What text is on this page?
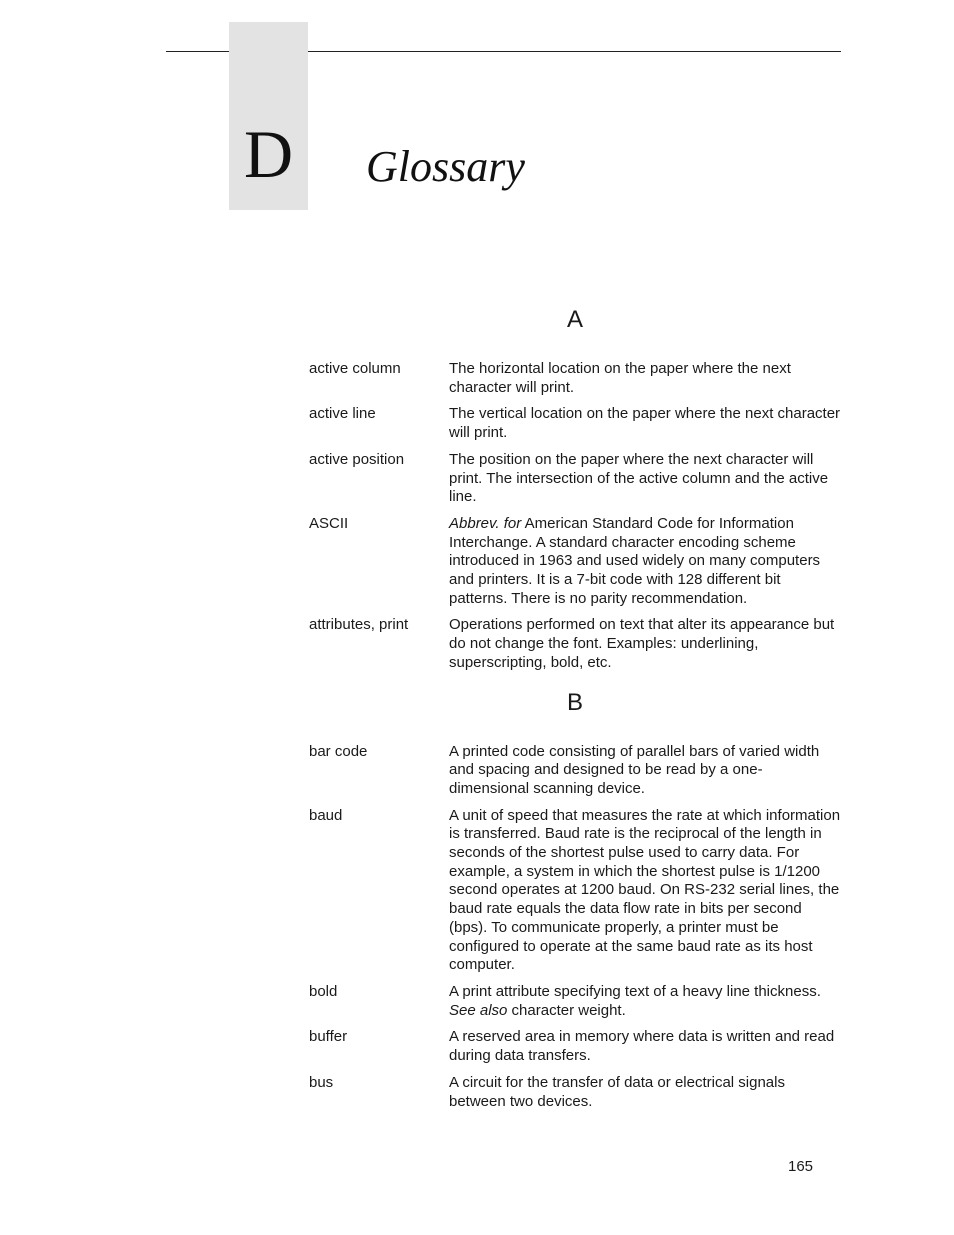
D	Glossary
A
active column	The horizontal location on the paper where the next character will print.
active line	The vertical location on the paper where the next character will print.
active position	The position on the paper where the next character will print. The intersection of the active column and the active line.
ASCII	Abbrev. for American Standard Code for Information Interchange. A standard character encoding scheme introduced in 1963 and used widely on many computers and printers. It is a 7-bit code with 128 different bit patterns. There is no parity recommendation.
attributes, print	Operations performed on text that alter its appearance but do not change the font. Examples: underlining, superscripting, bold, etc.
B
bar code	A printed code consisting of parallel bars of varied width and spacing and designed to be read by a one-dimensional scanning device.
baud	A unit of speed that measures the rate at which information is transferred. Baud rate is the reciprocal of the length in seconds of the shortest pulse used to carry data. For example, a system in which the shortest pulse is 1/1200 second operates at 1200 baud. On RS-232 serial lines, the baud rate equals the data flow rate in bits per second (bps). To communicate properly, a printer must be configured to operate at the same baud rate as its host computer.
bold	A print attribute specifying text of a heavy line thickness. See also character weight.
buffer	A reserved area in memory where data is written and read during data transfers.
bus	A circuit for the transfer of data or electrical signals between two devices.
165
